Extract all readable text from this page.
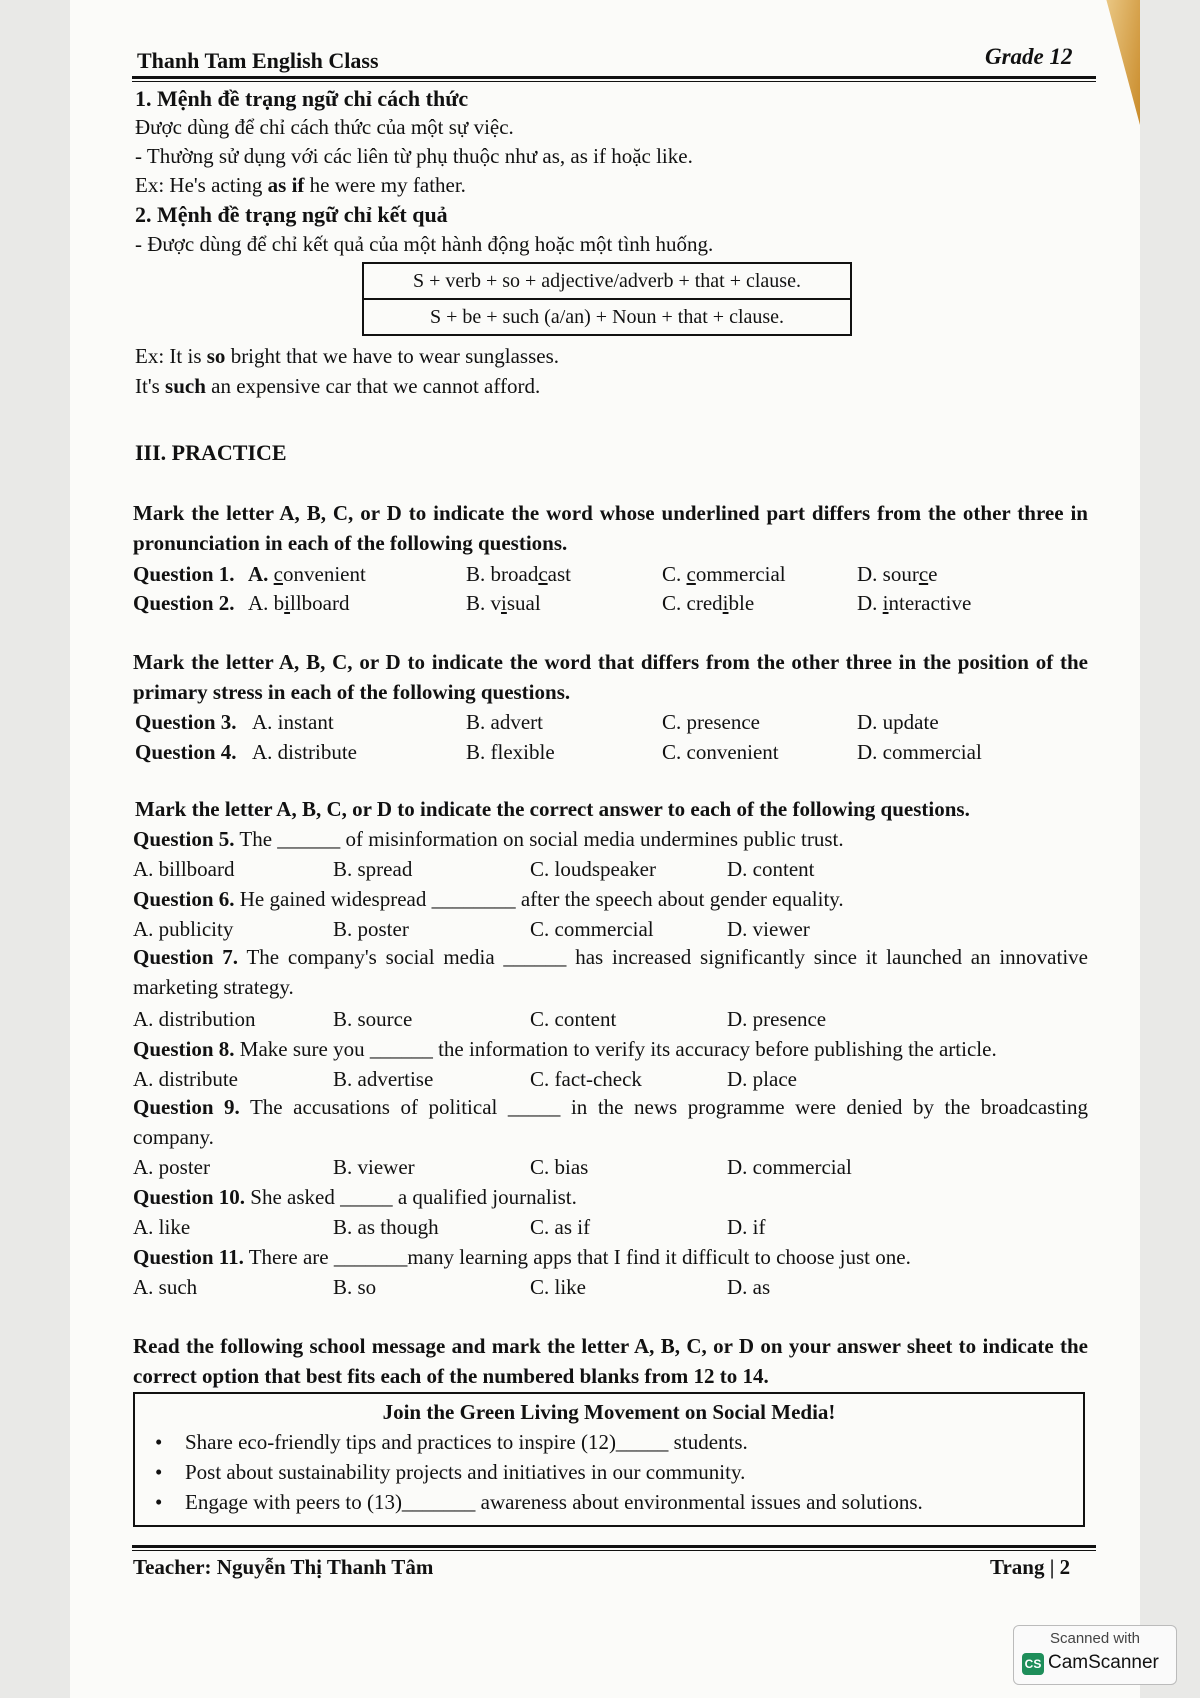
Thanh Tam English Class	Grade 12
1. Mệnh đề trạng ngữ chỉ cách thức
Được dùng để chỉ cách thức của một sự việc.
- Thường sử dụng với các liên từ phụ thuộc như as, as if hoặc like.
Ex: He's acting as if he were my father.
2. Mệnh đề trạng ngữ chỉ kết quả
- Được dùng để chỉ kết quả của một hành động hoặc một tình huống.
S + verb + so + adjective/adverb + that + clause.
S + be + such (a/an) + Noun + that + clause.
Ex: It is so bright that we have to wear sunglasses.
It's such an expensive car that we cannot afford.
III. PRACTICE
Mark the letter A, B, C, or D to indicate the word whose underlined part differs from the other three in pronunciation in each of the following questions.
Question 1. A. convenient	B. broadcast	C. commercial	D. source
Question 2. A. billboard	B. visual	C. credible	D. interactive
Mark the letter A, B, C, or D to indicate the word that differs from the other three in the position of the primary stress in each of the following questions.
Question 3. A. instant	B. advert	C. presence	D. update
Question 4. A. distribute	B. flexible	C. convenient	D. commercial
Mark the letter A, B, C, or D to indicate the correct answer to each of the following questions.
Question 5. The ______ of misinformation on social media undermines public trust.
A. billboard	B. spread	C. loudspeaker	D. content
Question 6. He gained widespread ________ after the speech about gender equality.
A. publicity	B. poster	C. commercial	D. viewer
Question 7. The company's social media ______ has increased significantly since it launched an innovative marketing strategy.
A. distribution	B. source	C. content	D. presence
Question 8. Make sure you ______ the information to verify its accuracy before publishing the article.
A. distribute	B. advertise	C. fact-check	D. place
Question 9. The accusations of political _____ in the news programme were denied by the broadcasting company.
A. poster	B. viewer	C. bias	D. commercial
Question 10. She asked _____ a qualified journalist.
A. like	B. as though	C. as if	D. if
Question 11. There are _______many learning apps that I find it difficult to choose just one.
A. such	B. so	C. like	D. as
Read the following school message and mark the letter A, B, C, or D on your answer sheet to indicate the correct option that best fits each of the numbered blanks from 12 to 14.
Join the Green Living Movement on Social Media!
• Share eco-friendly tips and practices to inspire (12)_____ students.
• Post about sustainability projects and initiatives in our community.
• Engage with peers to (13)_______ awareness about environmental issues and solutions.
Teacher: Nguyễn Thị Thanh Tâm	Trang | 2
Scanned with
CS CamScanner
